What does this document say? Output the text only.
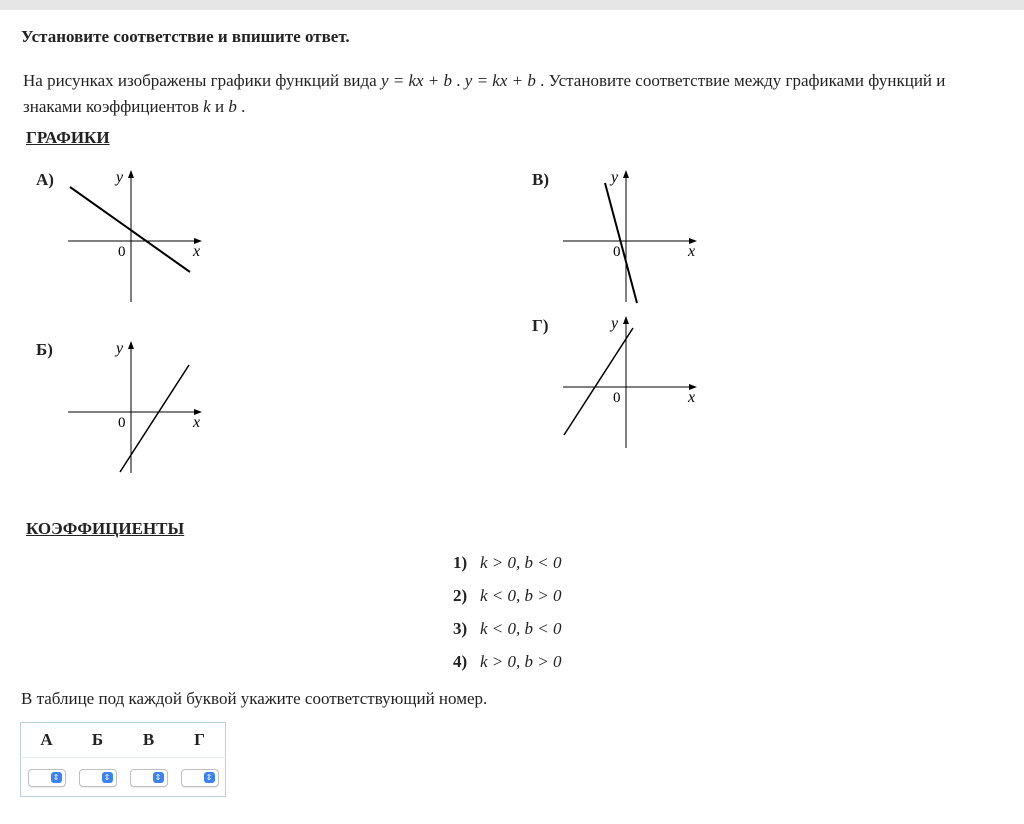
Установите соответствие и впишите ответ.
На рисунках изображены графики функций вида y = kx + b . y = kx + b . Установите соответствие между графиками функций и знаками коэффициентов k и b .
ГРАФИКИ
А)	y
x
0
Б)	y
x
0
В)	y
x
0
Г)	y
x
0
КОЭФФИЦИЕНТЫ
1) k > 0, b < 0
2) k < 0, b > 0
3) k < 0, b < 0
4) k > 0, b > 0
В таблице под каждой буквой укажите соответствующий номер.
А	Б	В	Г

⇕	⇕	⇕	⇕
